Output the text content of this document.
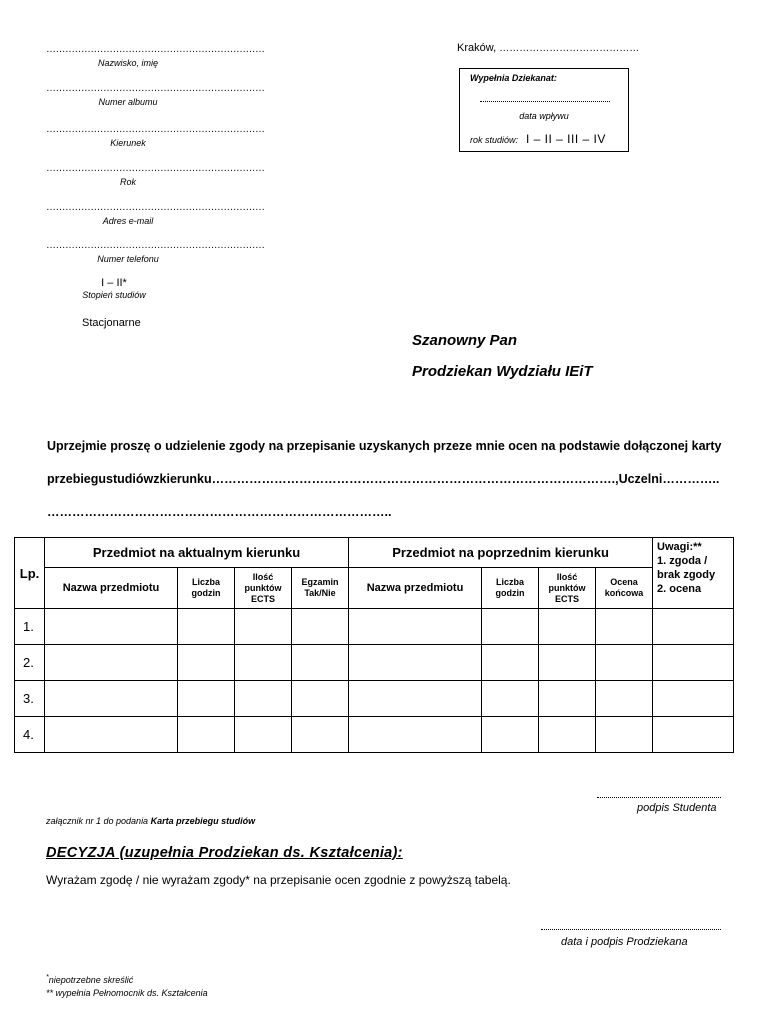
Kraków, ……………………………………
……………………………………………………………
Nazwisko, imię
……………………………………………………………
Numer albumu
……………………………………………………………
Kierunek
……………………………………………………………
Rok
……………………………………………………………
Adres e-mail
……………………………………………………………
Numer telefonu
I – II*
Stopień studiów
Stacjonarne
Wypełnia Dziekanat:
data wpływu
rok studiów: I – II – III – IV
Szanowny Pan
Prodziekan Wydziału IEiT
Uprzejmie proszę o udzielenie zgody na przepisanie uzyskanych przeze mnie ocen na podstawie dołączonej karty
przebiegu studiów z kierunku ……………………………………………………………………………………., Uczelni …………..
………………………………………………………………………..
Lp.	Przedmiot na aktualnym kierunku				Przedmiot na poprzednim kierunku				Uwagi:**
1. zgoda /
brak zgody
2. ocena

	Nazwa przedmiotu	Liczba godzin	Ilość punktów ECTS	Egzamin Tak/Nie	Nazwa przedmiotu	Liczba godzin	Ilość punktów ECTS	Ocena końcowa	
1.									
2.									
3.									
4.									
podpis Studenta
załącznik nr 1 do podania Karta przebiegu studiów
DECYZJA (uzupełnia Prodziekan ds. Kształcenia):
Wyrażam zgodę / nie wyrażam zgody* na przepisanie ocen zgodnie z powyższą tabelą.
data i podpis Prodziekana
*niepotrzebne skreślić
** wypełnia Pełnomocnik ds. Kształcenia
